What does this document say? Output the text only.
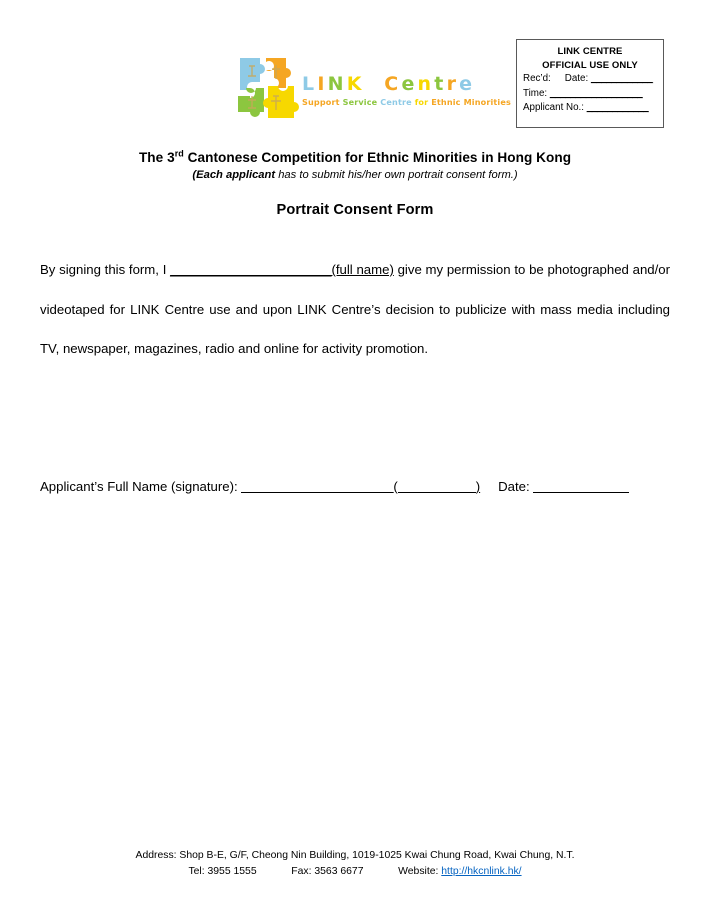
LINK Centre
Support Service Centre for Ethnic Minorities
LINK CENTRE
OFFICIAL USE ONLY
Rec’d: Date: ____________
Time: __________________
Applicant No.: ____________
The 3rd Cantonese Competition for Ethnic Minorities in Hong Kong
(Each applicant has to submit his/her own portrait consent form.)
Portrait Consent Form
By signing this form, I ______________________(full name) give my permission to be photographed and/or videotaped for LINK Centre use and upon LINK Centre’s decision to publicize with mass media including TV, newspaper, magazines, radio and online for activity promotion.
Applicant’s Full Name (signature):	(	) Date:
Address: Shop B-E, G/F, Cheong Nin Building, 1019-1025 Kwai Chung Road, Kwai Chung, N.T.
Tel: 3955 1555	Fax: 3563 6677	Website: http://hkcnlink.hk/
